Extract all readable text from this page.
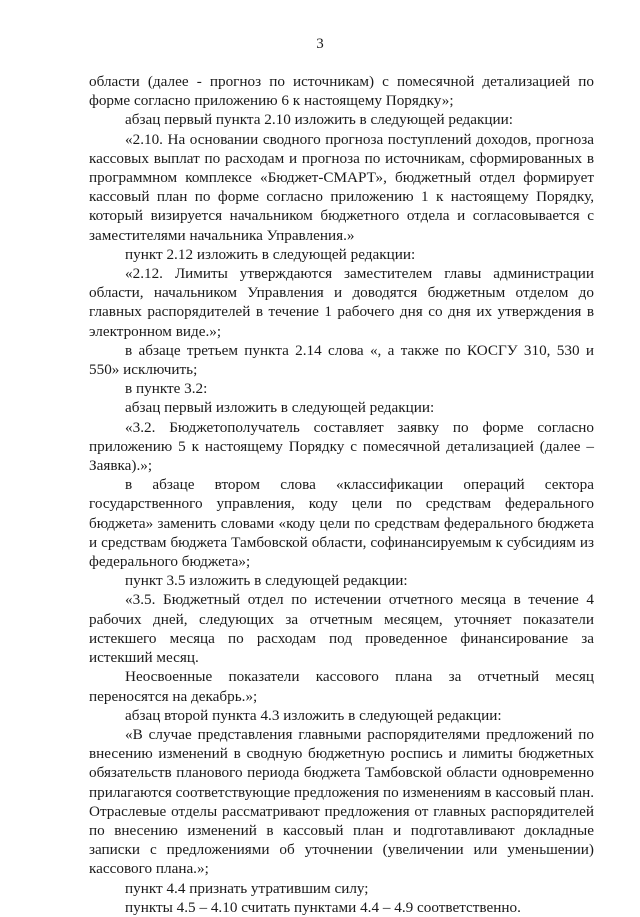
3

области (далее - прогноз по источникам) с помесячной детализацией по форме согласно приложению 6 к настоящему Порядку»;

абзац первый пункта 2.10 изложить в следующей редакции:

«2.10. На основании сводного прогноза поступлений доходов, прогноза кассовых выплат по расходам и прогноза по источникам, сформированных в программном комплексе «Бюджет-СМАРТ», бюджетный отдел формирует кассовый план по форме согласно приложению 1 к настоящему Порядку, который визируется начальником бюджетного отдела и согласовывается с заместителями начальника Управления.»

пункт 2.12 изложить в следующей редакции:

«2.12. Лимиты утверждаются заместителем главы администрации области, начальником Управления и доводятся бюджетным отделом до главных распорядителей в течение 1 рабочего дня со дня их утверждения в электронном виде.»;

в абзаце третьем пункта 2.14 слова «, а также по КОСГУ 310, 530 и 550» исключить;

в пункте 3.2:

абзац первый изложить в следующей редакции:

«3.2. Бюджетополучатель составляет заявку по форме согласно приложению 5 к настоящему Порядку с помесячной детализацией (далее – Заявка).»;

в абзаце втором слова «классификации операций сектора государственного управления, коду цели по средствам федерального бюджета» заменить словами «коду цели по средствам федерального бюджета и средствам бюджета Тамбовской области, софинансируемым к субсидиям из федерального бюджета»;

пункт 3.5 изложить в следующей редакции:

«3.5. Бюджетный отдел по истечении отчетного месяца в течение 4 рабочих дней, следующих за отчетным месяцем, уточняет показатели истекшего месяца по расходам под проведенное финансирование за истекший месяц.

Неосвоенные показатели кассового плана за отчетный месяц переносятся на декабрь.»;

абзац второй пункта 4.3 изложить в следующей редакции:

«В случае представления главными распорядителями предложений по внесению изменений в сводную бюджетную роспись и лимиты бюджетных обязательств планового периода бюджета Тамбовской области одновременно прилагаются соответствующие предложения по изменениям в кассовый план. Отраслевые отделы рассматривают предложения от главных распорядителей по внесению изменений в кассовый план и подготавливают докладные записки с предложениями об уточнении (увеличении или уменьшении) кассового плана.»;

пункт 4.4 признать утратившим силу;

пункты 4.5 – 4.10 считать пунктами 4.4 – 4.9 соответственно.
